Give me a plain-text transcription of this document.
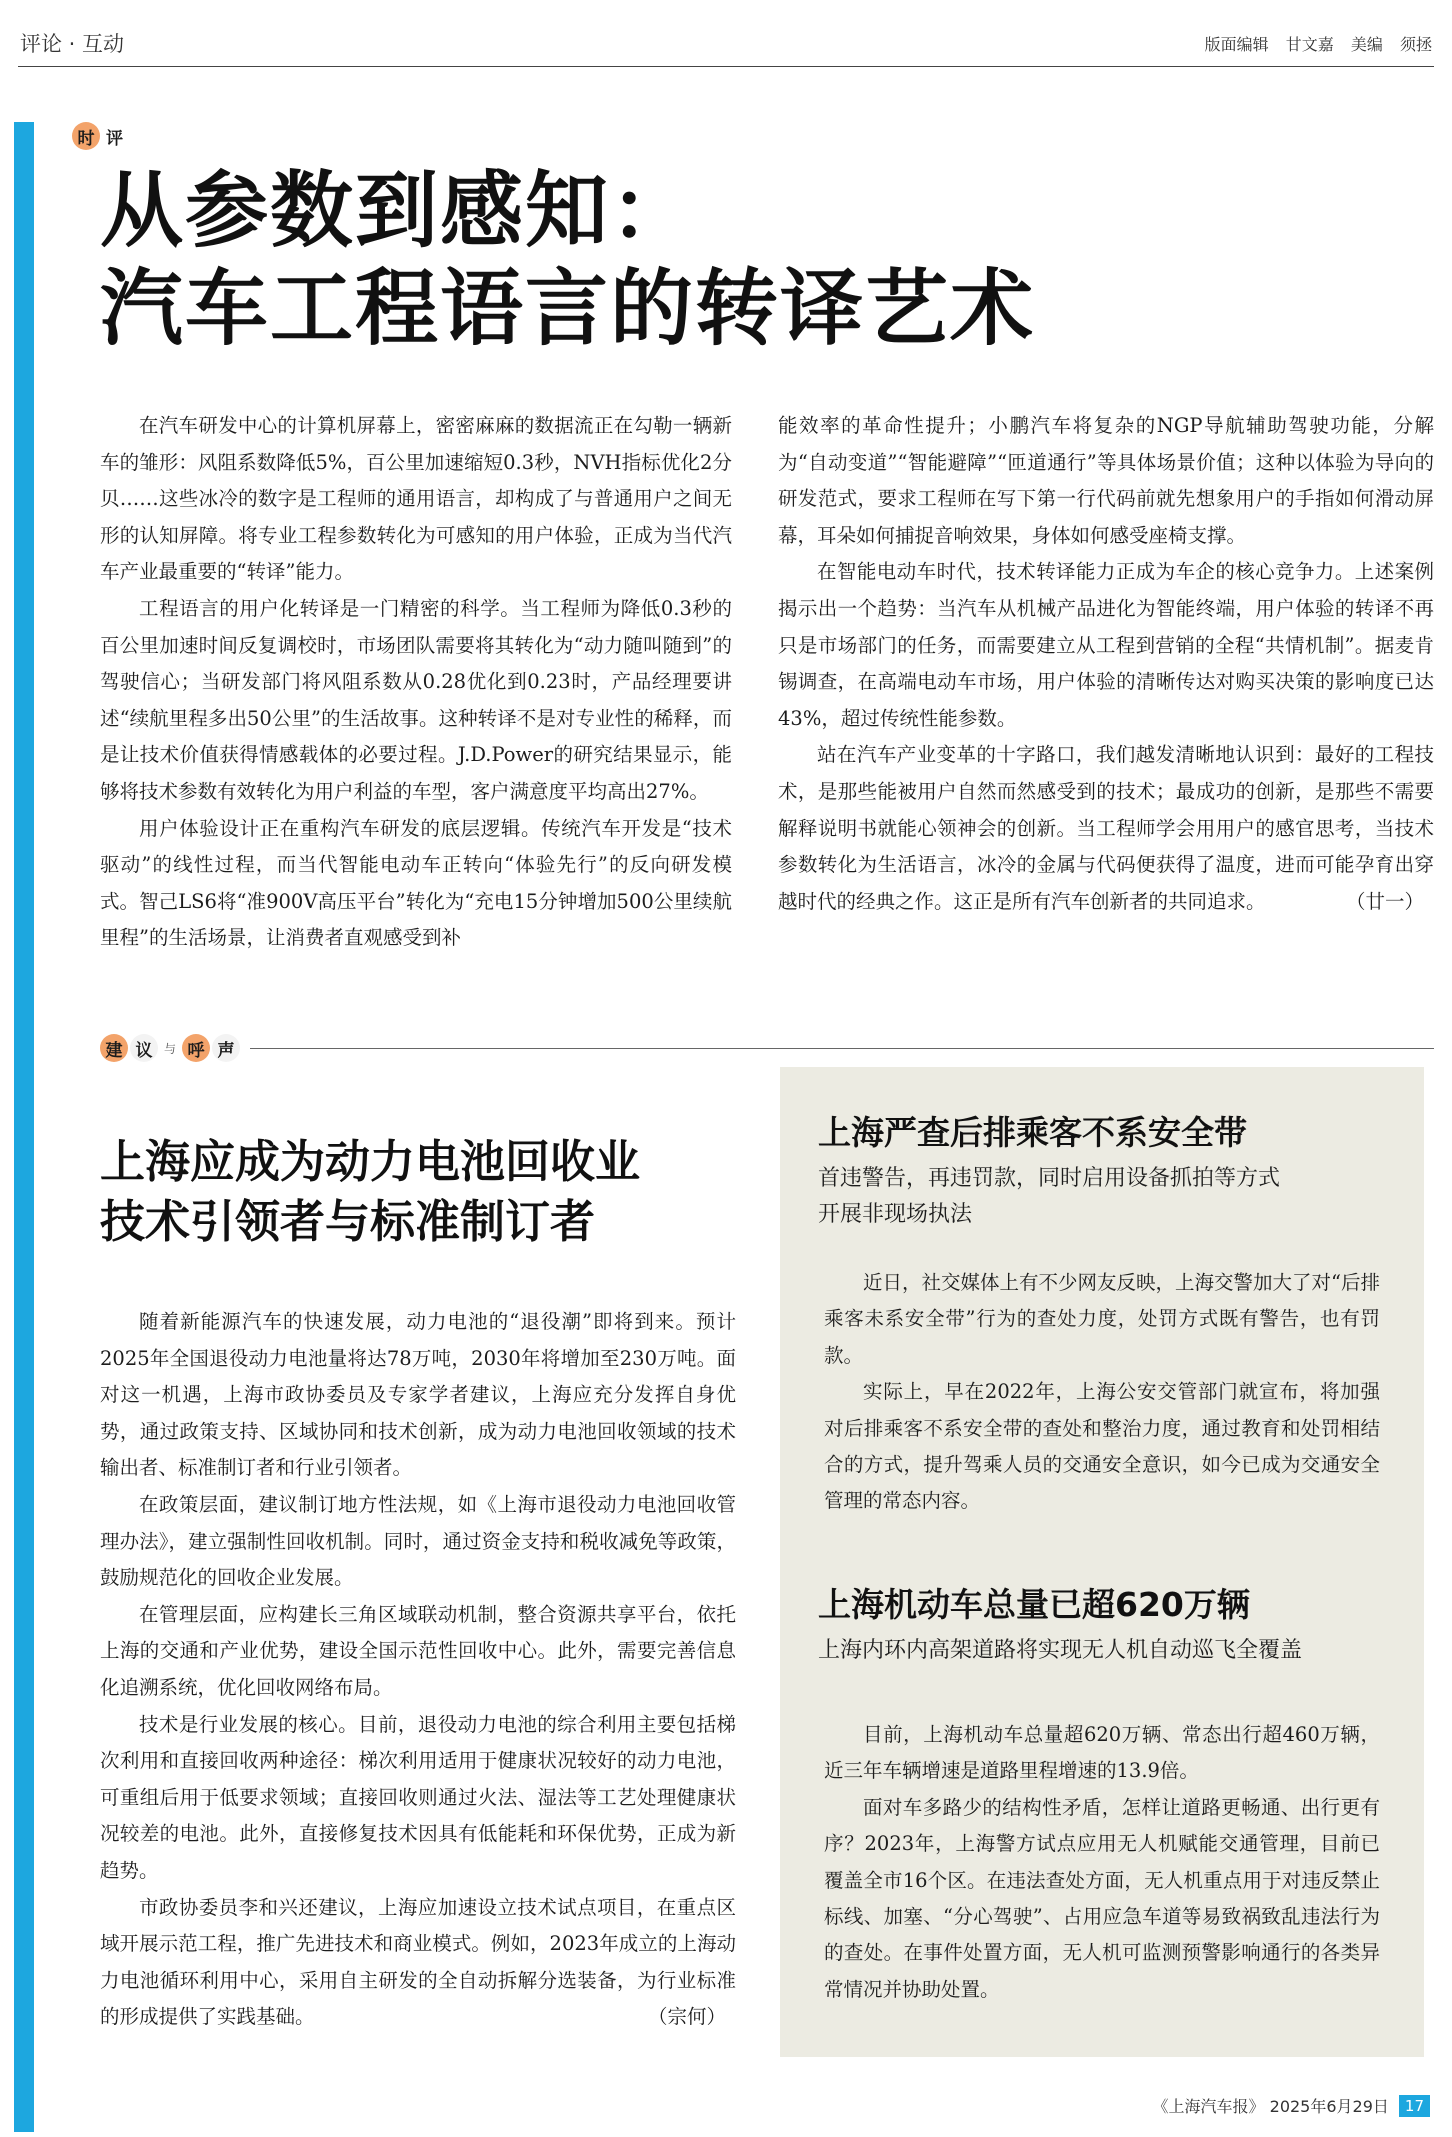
评论 · 互动	版面编辑 甘文嘉 美编 须拯
时 评
从参数到感知：
汽车工程语言的转译艺术

在汽车研发中心的计算机屏幕上，密密麻麻的数据流正在勾勒一辆新车的雏形：风阻系数降低5%，百公里加速缩短0.3秒，NVH指标优化2分贝……这些冰冷的数字是工程师的通用语言，却构成了与普通用户之间无形的认知屏障。将专业工程参数转化为可感知的用户体验，正成为当代汽车产业最重要的“转译”能力。

工程语言的用户化转译是一门精密的科学。当工程师为降低0.3秒的百公里加速时间反复调校时，市场团队需要将其转化为“动力随叫随到”的驾驶信心；当研发部门将风阻系数从0.28优化到0.23时，产品经理要讲述“续航里程多出50公里”的生活故事。这种转译不是对专业性的稀释，而是让技术价值获得情感载体的必要过程。J.D.Power的研究结果显示，能够将技术参数有效转化为用户利益的车型，客户满意度平均高出27%。

用户体验设计正在重构汽车研发的底层逻辑。传统汽车开发是“技术驱动”的线性过程，而当代智能电动车正转向“体验先行”的反向研发模式。智己LS6将“准900V高压平台”转化为“充电15分钟增加500公里续航里程”的生活场景，让消费者直观感受到补

能效率的革命性提升；小鹏汽车将复杂的NGP导航辅助驾驶功能，分解为“自动变道”“智能避障”“匝道通行”等具体场景价值；这种以体验为导向的研发范式，要求工程师在写下第一行代码前就先想象用户的手指如何滑动屏幕，耳朵如何捕捉音响效果，身体如何感受座椅支撑。

在智能电动车时代，技术转译能力正成为车企的核心竞争力。上述案例揭示出一个趋势：当汽车从机械产品进化为智能终端，用户体验的转译不再只是市场部门的任务，而需要建立从工程到营销的全程“共情机制”。据麦肯锡调查，在高端电动车市场，用户体验的清晰传达对购买决策的影响度已达43%，超过传统性能参数。

站在汽车产业变革的十字路口，我们越发清晰地认识到：最好的工程技术，是那些能被用户自然而然感受到的技术；最成功的创新，是那些不需要解释说明书就能心领神会的创新。当工程师学会用用户的感官思考，当技术参数转化为生活语言，冰冷的金属与代码便获得了温度，进而可能孕育出穿越时代的经典之作。这正是所有汽车创新者的共同追求。	（廿一）

建 议 与 呼 声
上海应成为动力电池回收业
技术引领者与标准制订者

随着新能源汽车的快速发展，动力电池的“退役潮”即将到来。预计2025年全国退役动力电池量将达78万吨，2030年将增加至230万吨。面对这一机遇，上海市政协委员及专家学者建议，上海应充分发挥自身优势，通过政策支持、区域协同和技术创新，成为动力电池回收领域的技术输出者、标准制订者和行业引领者。

在政策层面，建议制订地方性法规，如《上海市退役动力电池回收管理办法》，建立强制性回收机制。同时，通过资金支持和税收减免等政策，鼓励规范化的回收企业发展。

在管理层面，应构建长三角区域联动机制，整合资源共享平台，依托上海的交通和产业优势，建设全国示范性回收中心。此外，需要完善信息化追溯系统，优化回收网络布局。

技术是行业发展的核心。目前，退役动力电池的综合利用主要包括梯次利用和直接回收两种途径：梯次利用适用于健康状况较好的动力电池，可重组后用于低要求领域；直接回收则通过火法、湿法等工艺处理健康状况较差的电池。此外，直接修复技术因具有低能耗和环保优势，正成为新趋势。

市政协委员李和兴还建议，上海应加速设立技术试点项目，在重点区域开展示范工程，推广先进技术和商业模式。例如，2023年成立的上海动力电池循环利用中心，采用自主研发的全自动拆解分选装备，为行业标准的形成提供了实践基础。	（宗何）

上海严查后排乘客不系安全带
首违警告，再违罚款，同时启用设备抓拍等方式
开展非现场执法

近日，社交媒体上有不少网友反映，上海交警加大了对“后排乘客未系安全带”行为的查处力度，处罚方式既有警告，也有罚款。

实际上，早在2022年，上海公安交管部门就宣布，将加强对后排乘客不系安全带的查处和整治力度，通过教育和处罚相结合的方式，提升驾乘人员的交通安全意识，如今已成为交通安全管理的常态内容。

上海机动车总量已超620万辆
上海内环内高架道路将实现无人机自动巡飞全覆盖

目前，上海机动车总量超620万辆、常态出行超460万辆，近三年车辆增速是道路里程增速的13.9倍。

面对车多路少的结构性矛盾，怎样让道路更畅通、出行更有序？2023年，上海警方试点应用无人机赋能交通管理，目前已覆盖全市16个区。在违法查处方面，无人机重点用于对违反禁止标线、加塞、“分心驾驶”、占用应急车道等易致祸致乱违法行为的查处。在事件处置方面，无人机可监测预警影响通行的各类异常情况并协助处置。

《上海汽车报》 2025年6月29日	17
